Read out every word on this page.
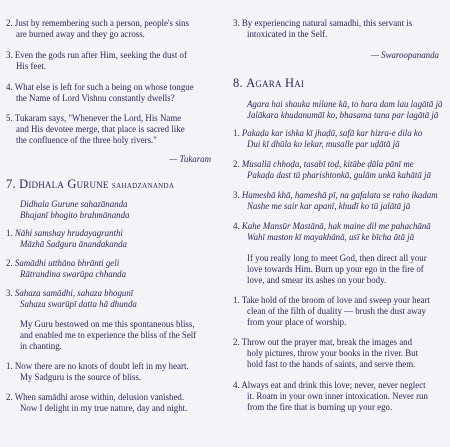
2. Just by remembering such a person, people's sins
are burned away and they go across.
3. Even the gods run after Him, seeking the dust of
His feet.
4. What else is left for such a being on whose tongue
the Name of Lord Vishnu constantly dwells?
5. Tukaram says, "Whenever the Lord, His Name
and His devotee merge, that place is sacred like
the confluence of the three holy rivers."
— Tukaram
7. Didhala Gurune sahadzananda
Didhala Gurune sahazānanda
Bhajanī bhogito brahmānanda
1. Nāhi samshay hrudayagranthi
Māzhā Sadguru ānandakanda
2. Samādhi utthāna bhrānti geli
Rātrandina swarūpa chhanda
3. Sahaza samādhi, sahaza bhogunī
Sahaza swarūpī datta hā dhunda
My Guru bestowed on me this spontaneous bliss,
and enabled me to experience the bliss of the Self
in chanting.
1. Now there are no knots of doubt left in my heart.
My Sadguru is the source of bliss.
2. When samādhi arose within, delusion vanished.
Now I delight in my true nature, day and night.
3. By experiencing natural samadhi, this servant is
intoxicated in the Self.
— Swaroopananda
8. Agara Hai
Agara hai shauka milane kā, to hara dam lau lagātā jā
Jalākara khudanumāī ko, bhasama tana par lagātā jā
1. Pakaḍa kar ishka kī jhaḍū, safā kar hizra-e dila ko
Dui kī dhūla ko lekar, musalle par uḍātā jā
2. Musallā chhoḍa, tasabī toḍ, kitābe ḍāla pānī me
Pakaḍa dast tū pharishtonkā, gulām unkā kahātā jā
3. Hameshā khā, hameshā pī, na gafalata se raho ikadam
Nashe me sair kar apanī, khudī ko tū jalātā jā
4. Kahe Mansūr Mastānā, hak maine dil me pahachānā
Wahī maston kī mayakhānā, usī ke bīcha ātā jā
If you really long to meet God, then direct all your
love towards Him. Burn up your ego in the fire of
love, and smear its ashes on your body.
1. Take hold of the broom of love and sweep your heart
clean of the filth of duality — brush the dust away
from your place of worship.
2. Throw out the prayer mat, break the images and
holy pictures, throw your books in the river. But
hold fast to the hands of saints, and serve them.
4. Always eat and drink this love; never, never neglect
it. Roam in your own inner intoxication. Never run
from the fire that is burning up your ego.
